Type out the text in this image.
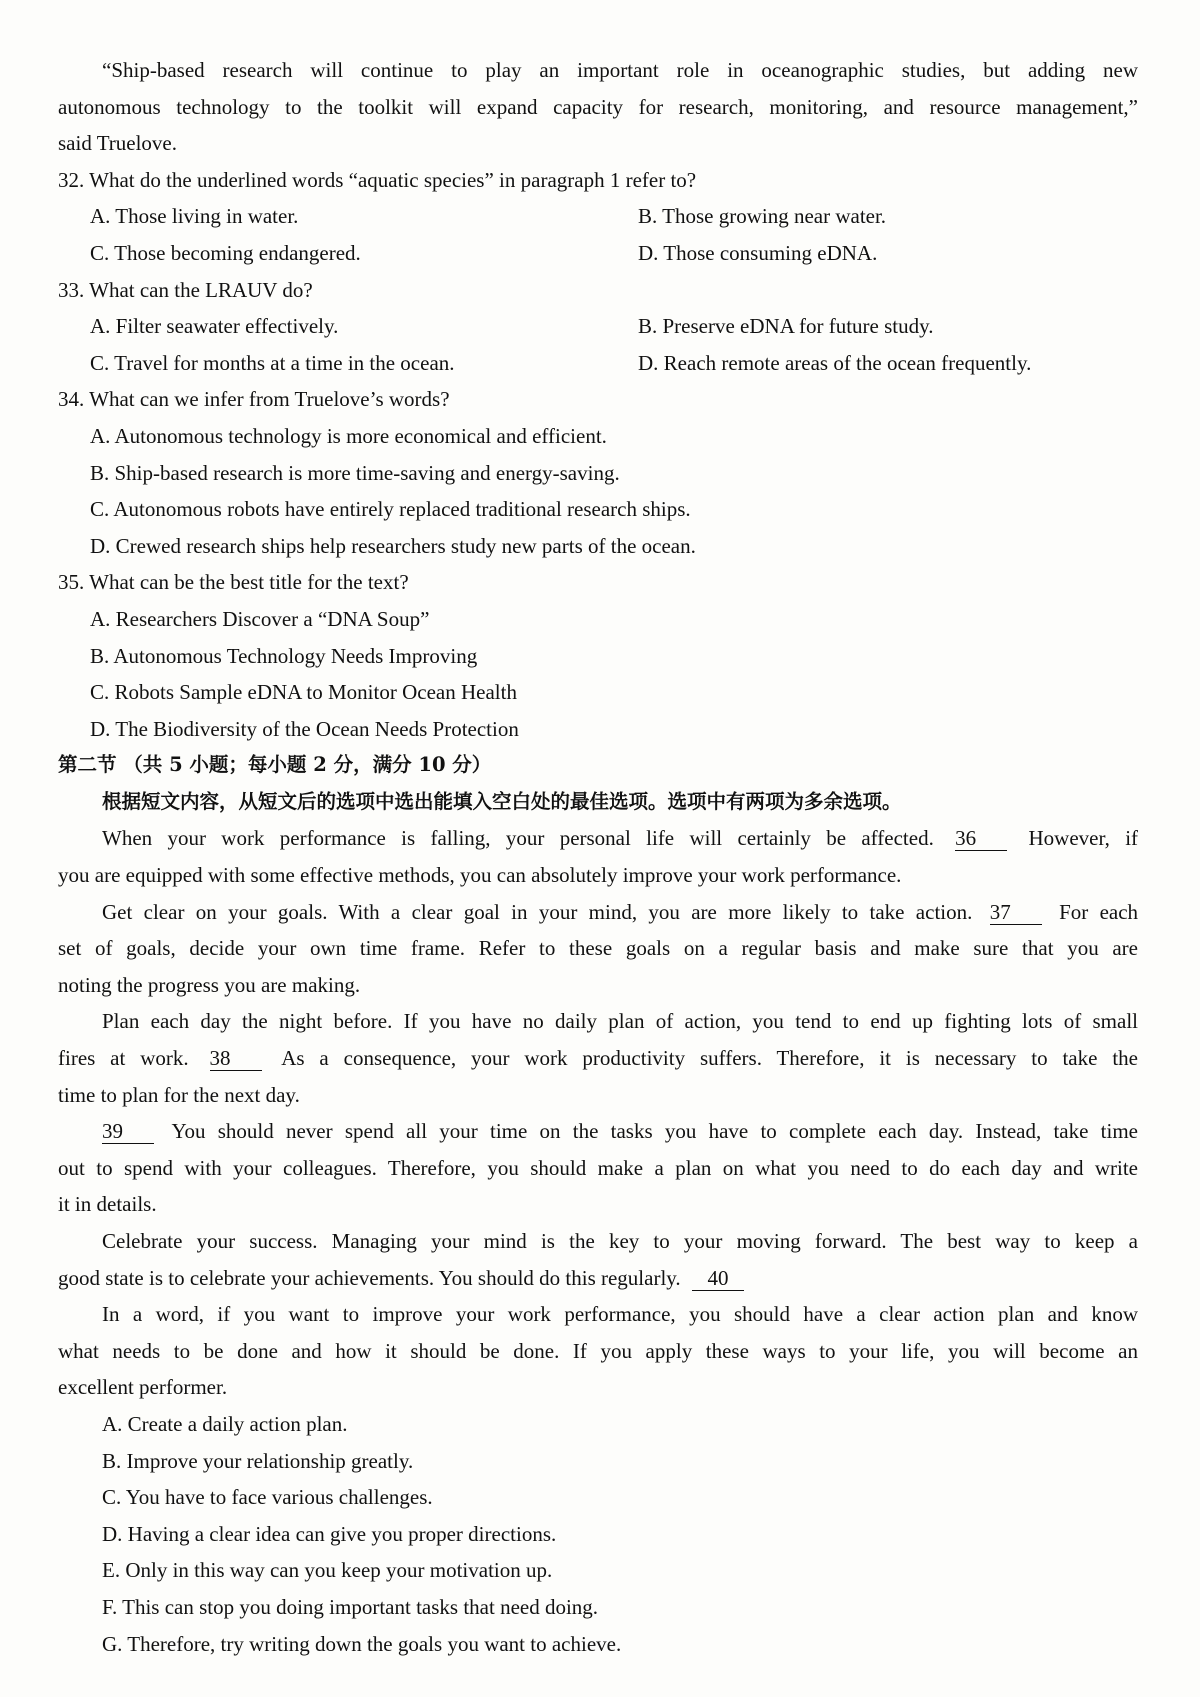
“Ship-based research will continue to play an important role in oceanographic studies, but adding new
autonomous technology to the toolkit will expand capacity for research, monitoring, and resource management,”
said Truelove.
32. What do the underlined words “aquatic species” in paragraph 1 refer to?
A. Those living in water.	B. Those growing near water.
C. Those becoming endangered.	D. Those consuming eDNA.
33. What can the LRAUV do?
A. Filter seawater effectively.	B. Preserve eDNA for future study.
C. Travel for months at a time in the ocean.	D. Reach remote areas of the ocean frequently.
34. What can we infer from Truelove’s words?
A. Autonomous technology is more economical and efficient.
B. Ship-based research is more time-saving and energy-saving.
C. Autonomous robots have entirely replaced traditional research ships.
D. Crewed research ships help researchers study new parts of the ocean.
35. What can be the best title for the text?
A. Researchers Discover a “DNA Soup”
B. Autonomous Technology Needs Improving
C. Robots Sample eDNA to Monitor Ocean Health
D. The Biodiversity of the Ocean Needs Protection
第二节 （共 5 小题；每小题 2 分，满分 10 分）
根据短文内容，从短文后的选项中选出能填入空白处的最佳选项。选项中有两项为多余选项。
When your work performance is falling, your personal life will certainly be affected. 36 However, if
you are equipped with some effective methods, you can absolutely improve your work performance.
Get clear on your goals. With a clear goal in your mind, you are more likely to take action. 37 For each
set of goals, decide your own time frame. Refer to these goals on a regular basis and make sure that you are
noting the progress you are making.
Plan each day the night before. If you have no daily plan of action, you tend to end up fighting lots of small
fires at work. 38 As a consequence, your work productivity suffers. Therefore, it is necessary to take the
time to plan for the next day.
39 You should never spend all your time on the tasks you have to complete each day. Instead, take time
out to spend with your colleagues. Therefore, you should make a plan on what you need to do each day and write
it in details.
Celebrate your success. Managing your mind is the key to your moving forward. The best way to keep a
good state is to celebrate your achievements. You should do this regularly. 40
In a word, if you want to improve your work performance, you should have a clear action plan and know
what needs to be done and how it should be done. If you apply these ways to your life, you will become an
excellent performer.
A. Create a daily action plan.
B. Improve your relationship greatly.
C. You have to face various challenges.
D. Having a clear idea can give you proper directions.
E. Only in this way can you keep your motivation up.
F. This can stop you doing important tasks that need doing.
G. Therefore, try writing down the goals you want to achieve.
